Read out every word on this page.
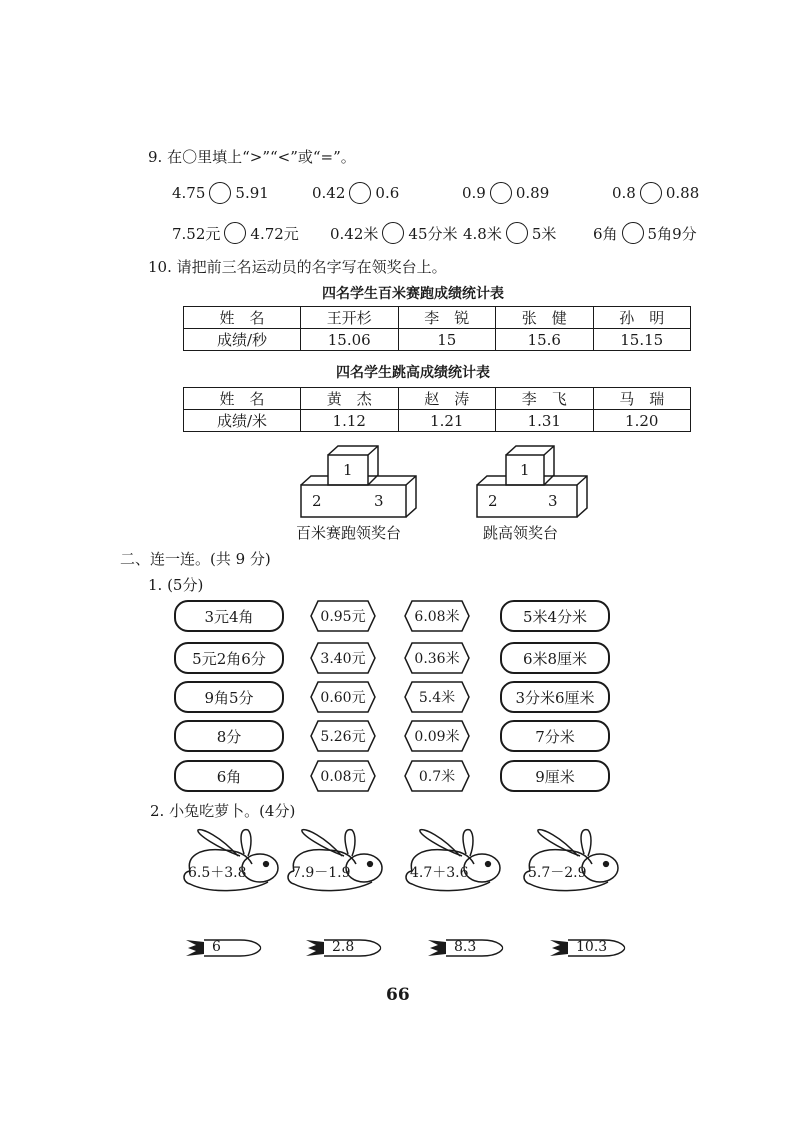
9. 在〇里填上“>”“<”或“=”。
4.75 5.91	0.42 0.6	0.9 0.89	0.8 0.88
7.52元 4.72元 0.42米 45分米 4.8米 5米 6角 5角9分
10. 请把前三名运动员的名字写在领奖台上。
四名学生百米赛跑成绩统计表
姓　名	王开杉	李　锐	张　健	孙　明
成绩/秒	15.06	15	15.6	15.15
四名学生跳高成绩统计表
姓　名	黄　杰	赵　涛	李　飞	马　瑞
成绩/米	1.12	1.21	1.31	1.20
1
2	3
百米赛跑领奖台
1
2	3
跳高领奖台
二、连一连。(共 9 分)
1. (5分)
3元4角
5元2角6分
9角5分
8分
6角
0.95元
3.40元
0.60元
5.26元
0.08元
6.08米
0.36米
5.4米
0.09米
0.7米
5米4分米
6米8厘米
3分米6厘米
7分米
9厘米
2. 小兔吃萝卜。(4分)
6.5＋3.8	7.9－1.9	4.7＋3.6	5.7－2.9
6	2.8	8.3	10.3
66
